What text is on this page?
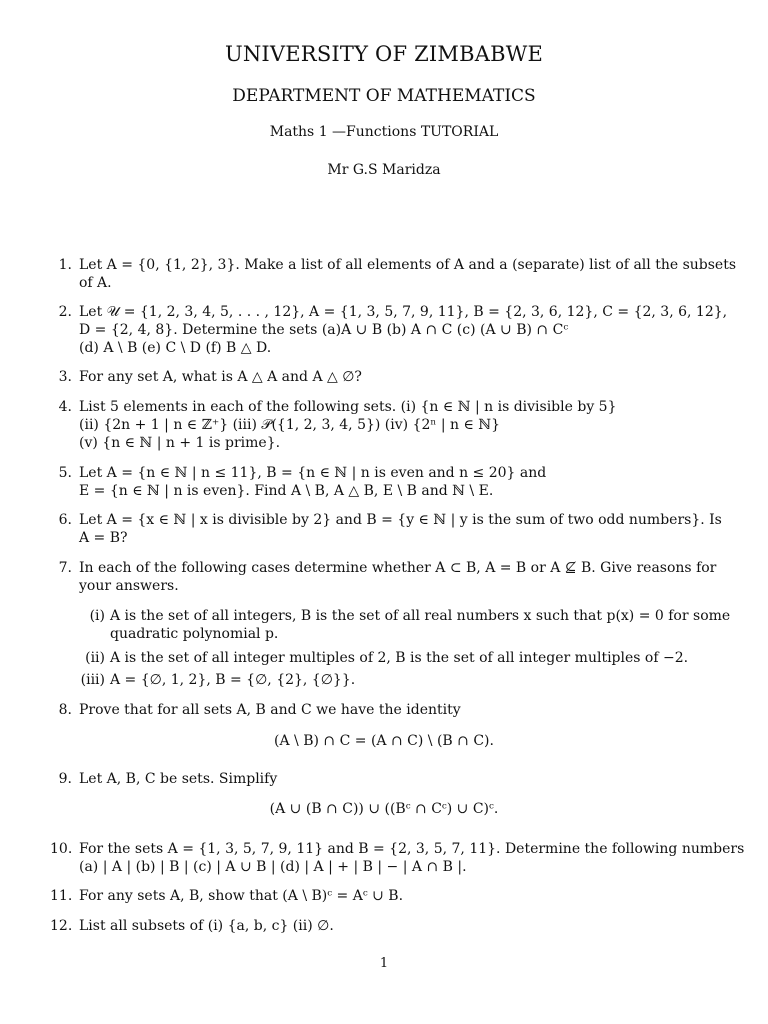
UNIVERSITY OF ZIMBABWE
DEPARTMENT OF MATHEMATICS
Maths 1 —Functions TUTORIAL
Mr G.S Maridza
1. Let A = {0, {1, 2}, 3}. Make a list of all elements of A and a (separate) list of all the subsets
of A.
2. Let 𝒰 = {1, 2, 3, 4, 5, . . . , 12}, A = {1, 3, 5, 7, 9, 11}, B = {2, 3, 6, 12}, C = {2, 3, 6, 12},
D = {2, 4, 8}. Determine the sets (a)A ∪ B (b) A ∩ C (c) (A ∪ B) ∩ Cᶜ
(d) A \ B (e) C \ D (f) B △ D.
3. For any set A, what is A △ A and A △ ∅?
4. List 5 elements in each of the following sets. (i) {n ∈ ℕ | n is divisible by 5}
(ii) {2n + 1 | n ∈ ℤ⁺} (iii) 𝒫({1, 2, 3, 4, 5}) (iv) {2ⁿ | n ∈ ℕ}
(v) {n ∈ ℕ | n + 1 is prime}.
5. Let A = {n ∈ ℕ | n ≤ 11}, B = {n ∈ ℕ | n is even and n ≤ 20} and
E = {n ∈ ℕ | n is even}. Find A \ B, A △ B, E \ B and ℕ \ E.
6. Let A = {x ∈ ℕ | x is divisible by 2} and B = {y ∈ ℕ | y is the sum of two odd numbers}. Is
A = B?
7. In each of the following cases determine whether A ⊂ B, A = B or A ⊈ B. Give reasons for
your answers.
(i) A is the set of all integers, B is the set of all real numbers x such that p(x) = 0 for some
quadratic polynomial p.
(ii) A is the set of all integer multiples of 2, B is the set of all integer multiples of −2.
(iii) A = {∅, 1, 2}, B = {∅, {2}, {∅}}.
8. Prove that for all sets A, B and C we have the identity
(A \ B) ∩ C = (A ∩ C) \ (B ∩ C).
9. Let A, B, C be sets. Simplify
(A ∪ (B ∩ C)) ∪ ((Bᶜ ∩ Cᶜ) ∪ C)ᶜ.
10. For the sets A = {1, 3, 5, 7, 9, 11} and B = {2, 3, 5, 7, 11}. Determine the following numbers
(a) | A | (b) | B | (c) | A ∪ B | (d) | A | + | B | − | A ∩ B |.
11. For any sets A, B, show that (A \ B)ᶜ = Aᶜ ∪ B.
12. List all subsets of (i) {a, b, c} (ii) ∅.
1
